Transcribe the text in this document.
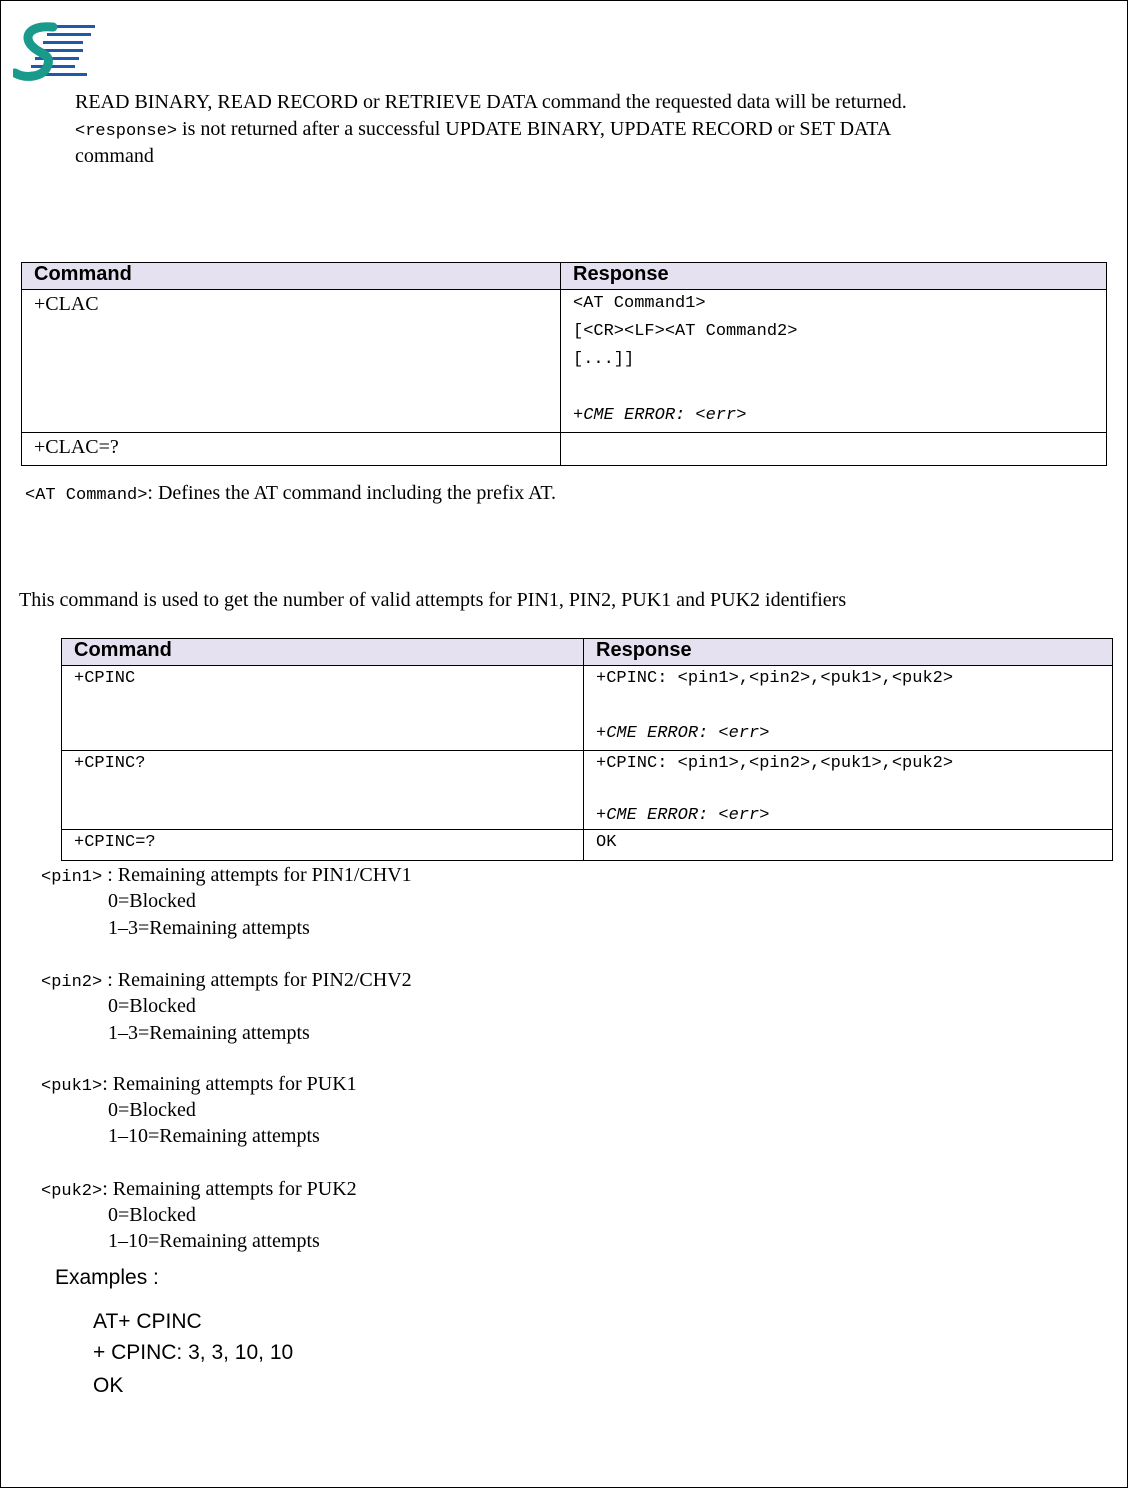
READ BINARY, READ RECORD or RETRIEVE DATA command the requested data will be returned.
<response> is not returned after a successful UPDATE BINARY, UPDATE RECORD or SET DATA
command
Command	Response

+CLAC	<AT Command1>
[<CR><LF><AT Command2>
[...]]
+CME ERROR: <err>

+CLAC=?	

<AT Command>: Defines the AT command including the prefix AT.
This command is used to get the number of valid attempts for PIN1, PIN2, PUK1 and PUK2 identifiers
Command	Response

+CPINC	+CPINC: <pin1>,<pin2>,<puk1>,<puk2>
+CME ERROR: <err>

+CPINC?	+CPINC: <pin1>,<pin2>,<puk1>,<puk2>
+CME ERROR: <err>

+CPINC=?	OK
<pin1> : Remaining attempts for PIN1/CHV1
0=Blocked
1–3=Remaining attempts
<pin2> : Remaining attempts for PIN2/CHV2
0=Blocked
1–3=Remaining attempts
<puk1>: Remaining attempts for PUK1
0=Blocked
1–10=Remaining attempts
<puk2>: Remaining attempts for PUK2
0=Blocked
1–10=Remaining attempts
Examples :
AT+ CPINC
+ CPINC: 3, 3, 10, 10
OK
